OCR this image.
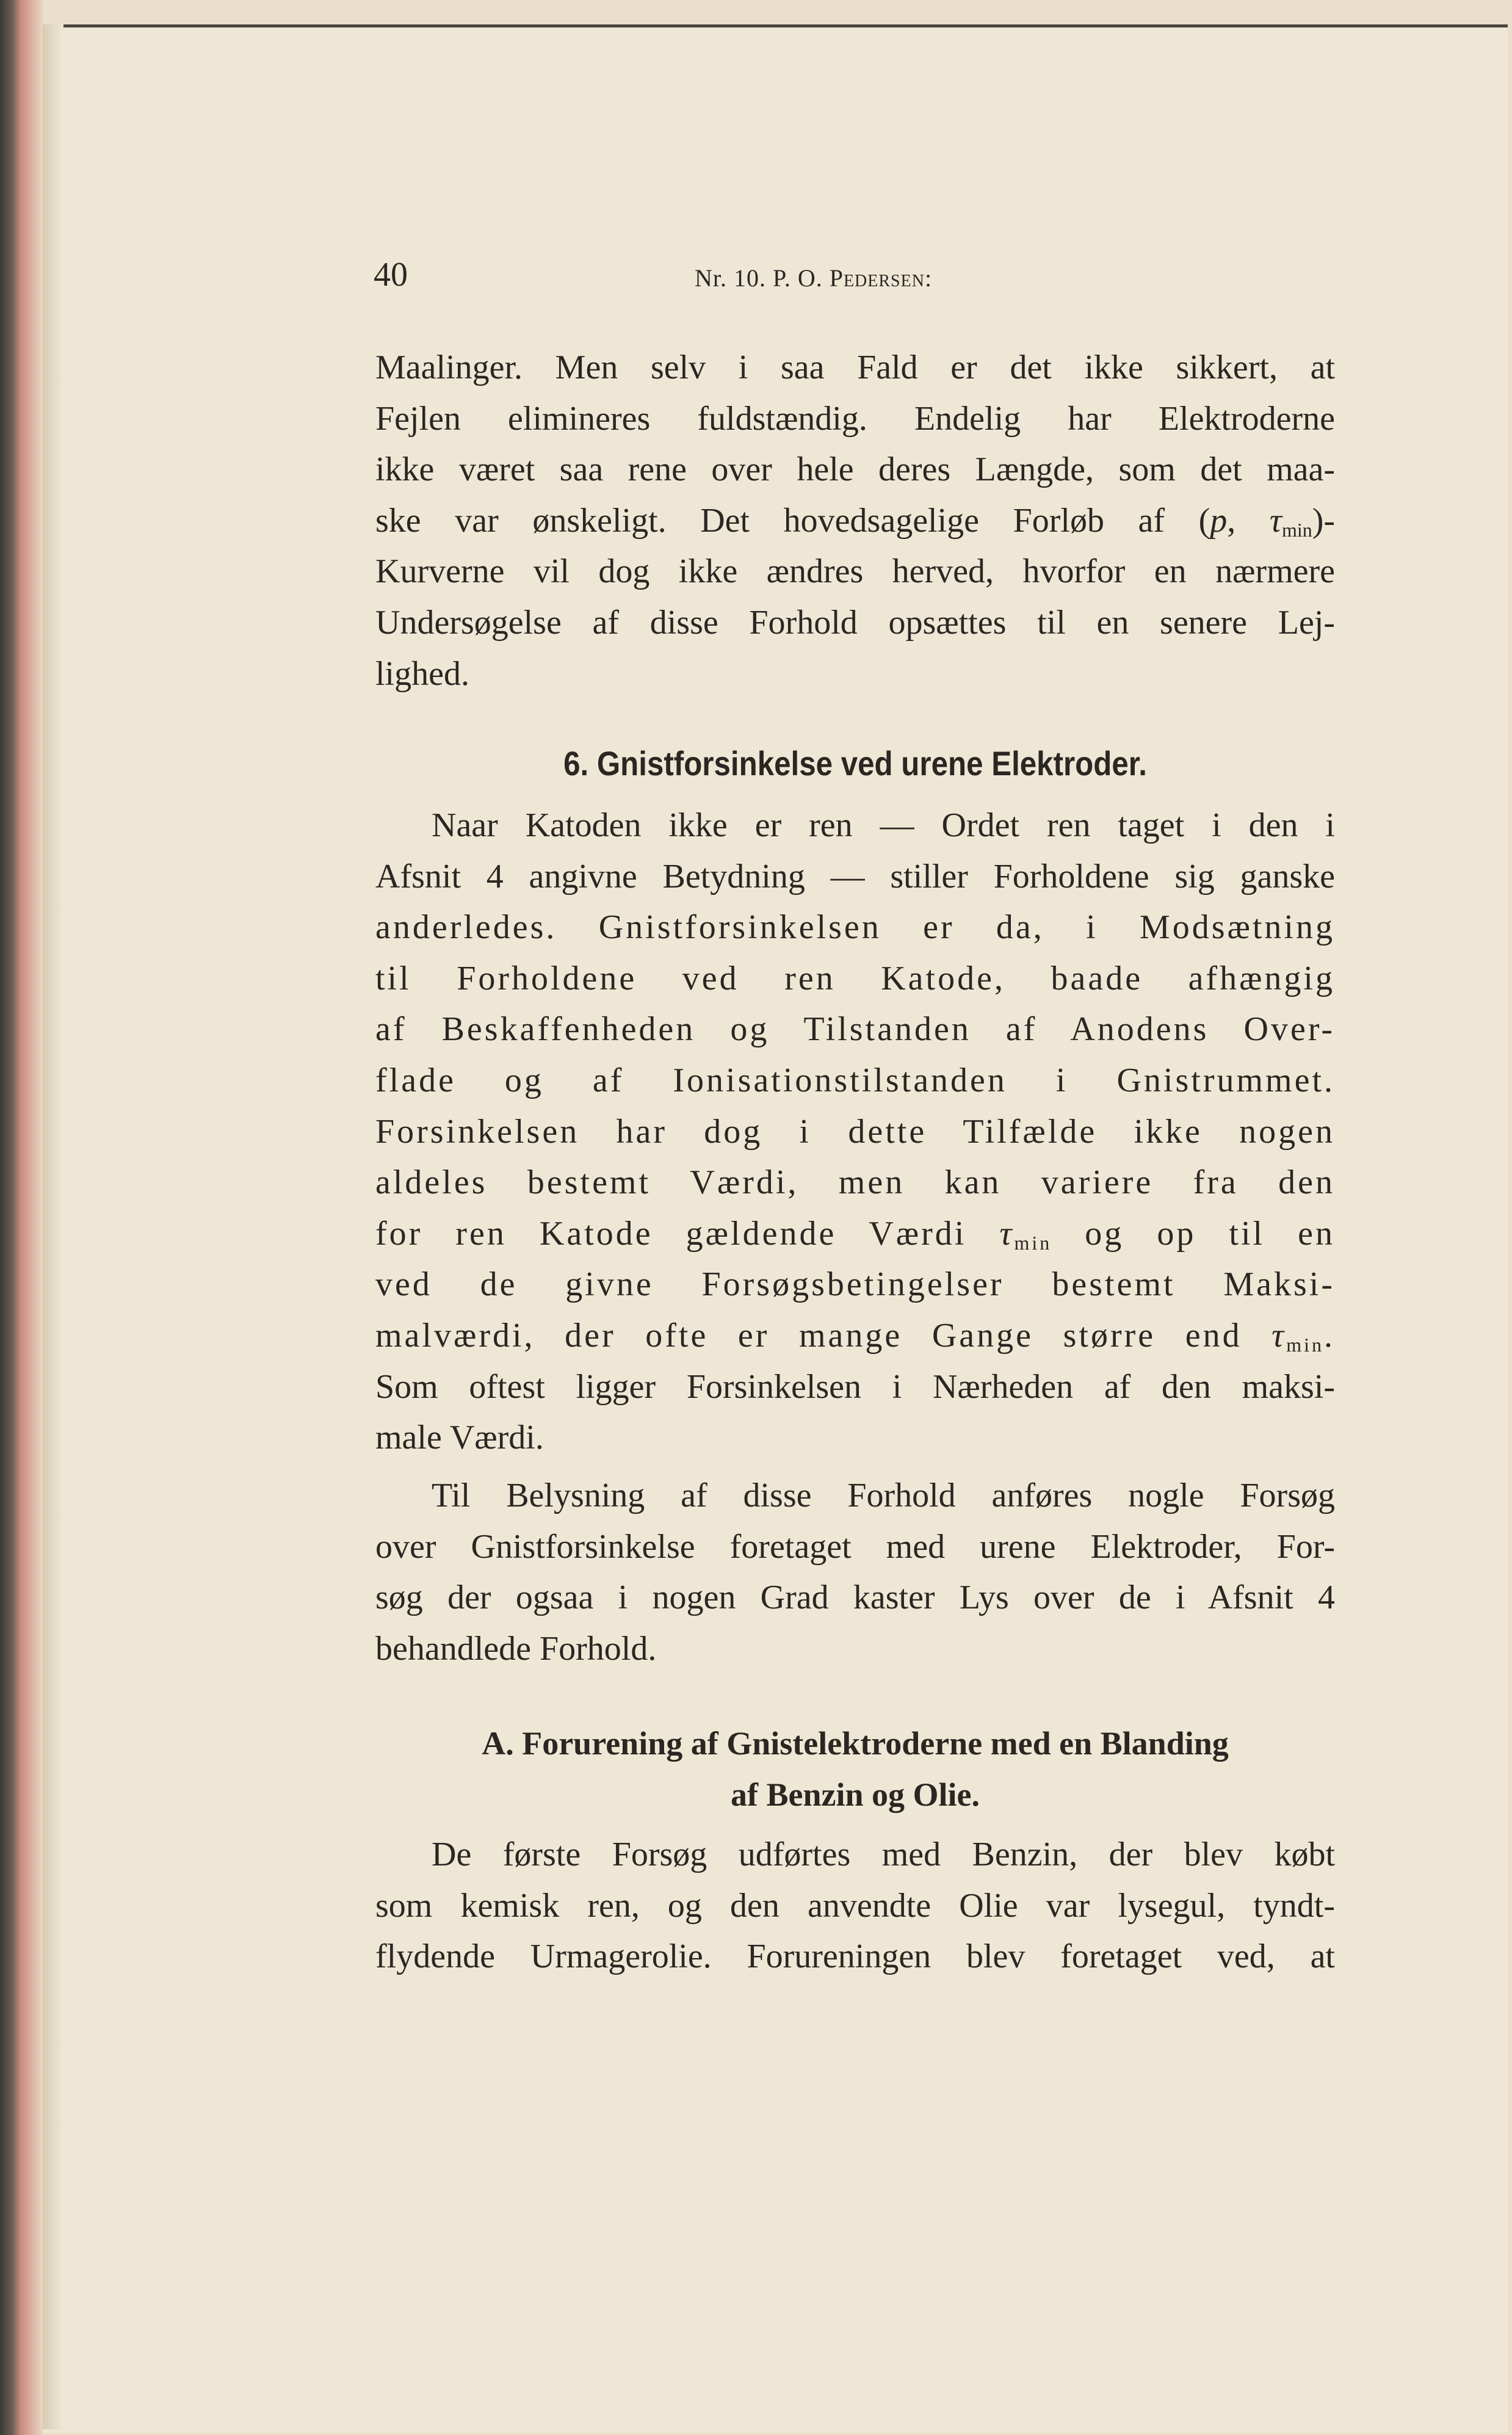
40	Nr. 10. P. O. Pedersen:
Maalinger. Men selv i saa Fald er det ikke sikkert, at
Fejlen elimineres fuldstændig. Endelig har Elektroderne
ikke været saa rene over hele deres Længde, som det maa-
ske var ønskeligt. Det hovedsagelige Forløb af (p, $\tau_{min})-$
Kurverne vil dog ikke ændres herved, hvorfor en nærmere
Undersøgelse af disse Forhold opsættes til en senere Lej-
lighed.
6. Gnistforsinkelse ved urene Elektroder.
Naar Katoden ikke er ren — Ordet ren taget i den i
Afsnit 4 angivne Betydning — stiller Forholdene sig ganske
anderledes. Gnistforsinkelsen er da, i Modsætning
til Forholdene ved ren Katode, baade afhængig
af Beskaffenheden og Tilstanden af Anodens Over-
flade og af Ionisationstilstanden i Gnistrummet.
Forsinkelsen har dog i dette Tilfælde ikke nogen
aldeles bestemt Værdi, men kan variere fra den
for ren Katode gældende Værdi $\tau_{min}$ og op til en
ved de givne Forsøgsbetingelser bestemt Maksi-
malværdi, der ofte er mange Gange større end $\tau_{min}$.
Som oftest ligger Forsinkelsen i Nærheden af den maksi-
male Værdi.
Til Belysning af disse Forhold anføres nogle Forsøg
over Gnistforsinkelse foretaget med urene Elektroder, For-
søg der ogsaa i nogen Grad kaster Lys over de i Afsnit 4
behandlede Forhold.
A. Forurening af Gnistelektroderne med en Blanding
af Benzin og Olie.
De første Forsøg udførtes med Benzin, der blev købt
som kemisk ren, og den anvendte Olie var lysegul, tyndt-
flydende Urmagerolie. Forureningen blev foretaget ved, at
